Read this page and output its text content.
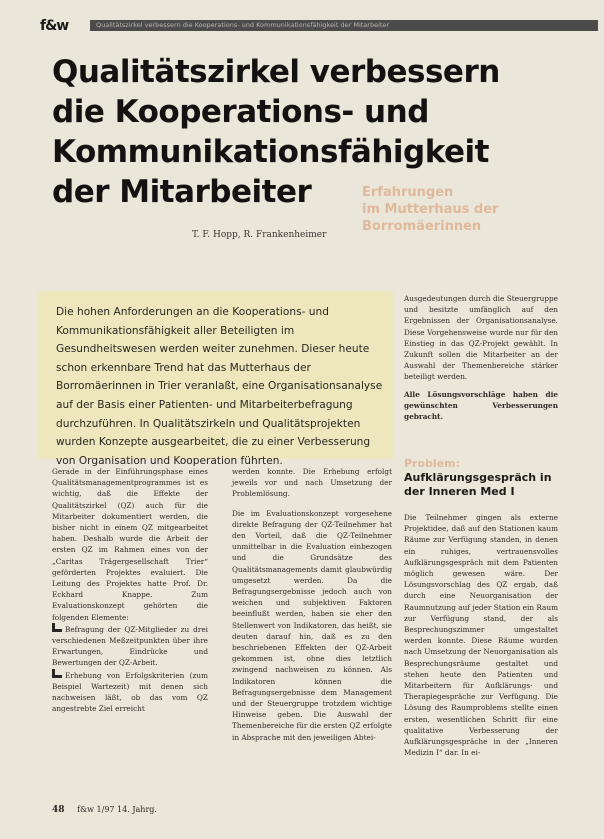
f&w	Qualitätszirkel verbessern die Kooperations- und Kommunikationsfähigkeit der Mitarbeiter
Qualitätszirkel verbessern
die Kooperations- und
Kommunikationsfähigkeit
der Mitarbeiter	Erfahrungen
im Mutterhaus der
Borromäerinnen
T. F. Hopp, R. Frankenheimer
Die hohen Anforderungen an die Kooperations- und Kommunikationsfähigkeit aller Beteiligten im Gesundheitswesen werden weiter zunehmen. Dieser heute schon erkennbare Trend hat das Mutterhaus der Borromäerinnen in Trier veranlaßt, eine Organisationsanalyse auf der Basis einer Patienten- und Mitarbeiterbefragung durchzuführen. In Qualitätszirkeln und Qualitätsprojekten wurden Konzepte ausgearbeitet, die zu einer Verbesserung von Organisation und Kooperation führten.

Ausgedeutungen durch die Steuergruppe und besitzte umfänglich auf den Ergebnissen der Organisationsanalyse. Diese Vorgehensweise wurde nur für den Einstieg in das QZ-Projekt gewählt. In Zukunft sollen die Mitarbeiter an der Auswahl der Themenbereiche stärker beteiligt werden.

Alle Lösungsvorschläge haben die gewünschten Verbesserungen gebracht.

Problem:
Aufklärungsgespräch in der Inneren Med I

Gerade in der Einführungsphase eines Qualitätsmanagementprogrammes ist es wichtig, daß die Effekte der Qualitätszirkel (QZ) auch für die Mitarbeiter dokumentiert werden, die bisher nicht in einem QZ mitgearbeitet haben. Deshalb wurde die Arbeit der ersten QZ im Rahmen eines von der „Caritas Trägergesellschaft Trier“ geförderten Projektes evaluiert. Die Leitung des Projektes hatte Prof. Dr. Eckhard Knappe. Zum Evaluationskonzept gehörten die folgenden Elemente:

Befragung der QZ-Mitglieder zu drei verschiedenen Meßzeitpunkten über ihre Erwartungen, Eindrücke und Bewertungen der QZ-Arbeit.

Erhebung von Erfolgskriterien (zum Beispiel Wartezeit) mit denen sich nachweisen läßt, ob das vom QZ angestrebte Ziel erreicht

werden konnte. Die Erhebung erfolgt jeweils vor und nach Umsetzung der Problemlösung.

Die im Evaluationskonzept vorgesehene direkte Befragung der QZ-Teilnehmer hat den Vorteil, daß die QZ-Teilnehmer unmittelbar in die Evaluation einbezogen und die Grundsätze des Qualitätsmanagements damit glaubwürdig umgesetzt werden. Da die Befragungsergebnisse jedoch auch von weichen und subjektiven Faktoren beeinflußt werden, haben sie eher den Stellenwert von Indikatoren, das heißt, sie deuten darauf hin, daß es zu den beschriebenen Effekten der QZ-Arbeit gekommen ist, ohne dies letztlich zwingend nachweisen zu können. Als Indikatoren können die Befragungsergebnisse dem Management und der Steuergruppe trotzdem wichtige Hinweise geben. Die Auswahl der Themenbereiche für die ersten QZ erfolgte in Absprache mit den jeweiligen Abtei-

Die Teilnehmer gingen als externe Projektidee, daß auf den Stationen kaum Räume zur Verfügung standen, in denen ein ruhiges, vertrauensvolles Aufklärungsgespräch mit dem Patienten möglich gewesen wäre. Der Lösungsvorschlag des QZ ergab, daß durch eine Neuorganisation der Raumnutzung auf jeder Station ein Raum zur Verfügung stand, der als Besprechungszimmer umgestaltet werden konnte. Diese Räume wurden nach Umsetzung der Neuorganisation als Besprechungsräume gestaltet und stehen heute den Patienten und Mitarbeitern für Aufklärungs- und Therapiegespräche zur Verfügung. Die Lösung des Raumproblems stellte einen ersten, wesentlichen Schritt für eine qualitative Verbesserung der Aufklärungsgespräche in der „Inneren Medizin I“ dar. In ei-

48 f&w 1/97 14. Jahrg.
